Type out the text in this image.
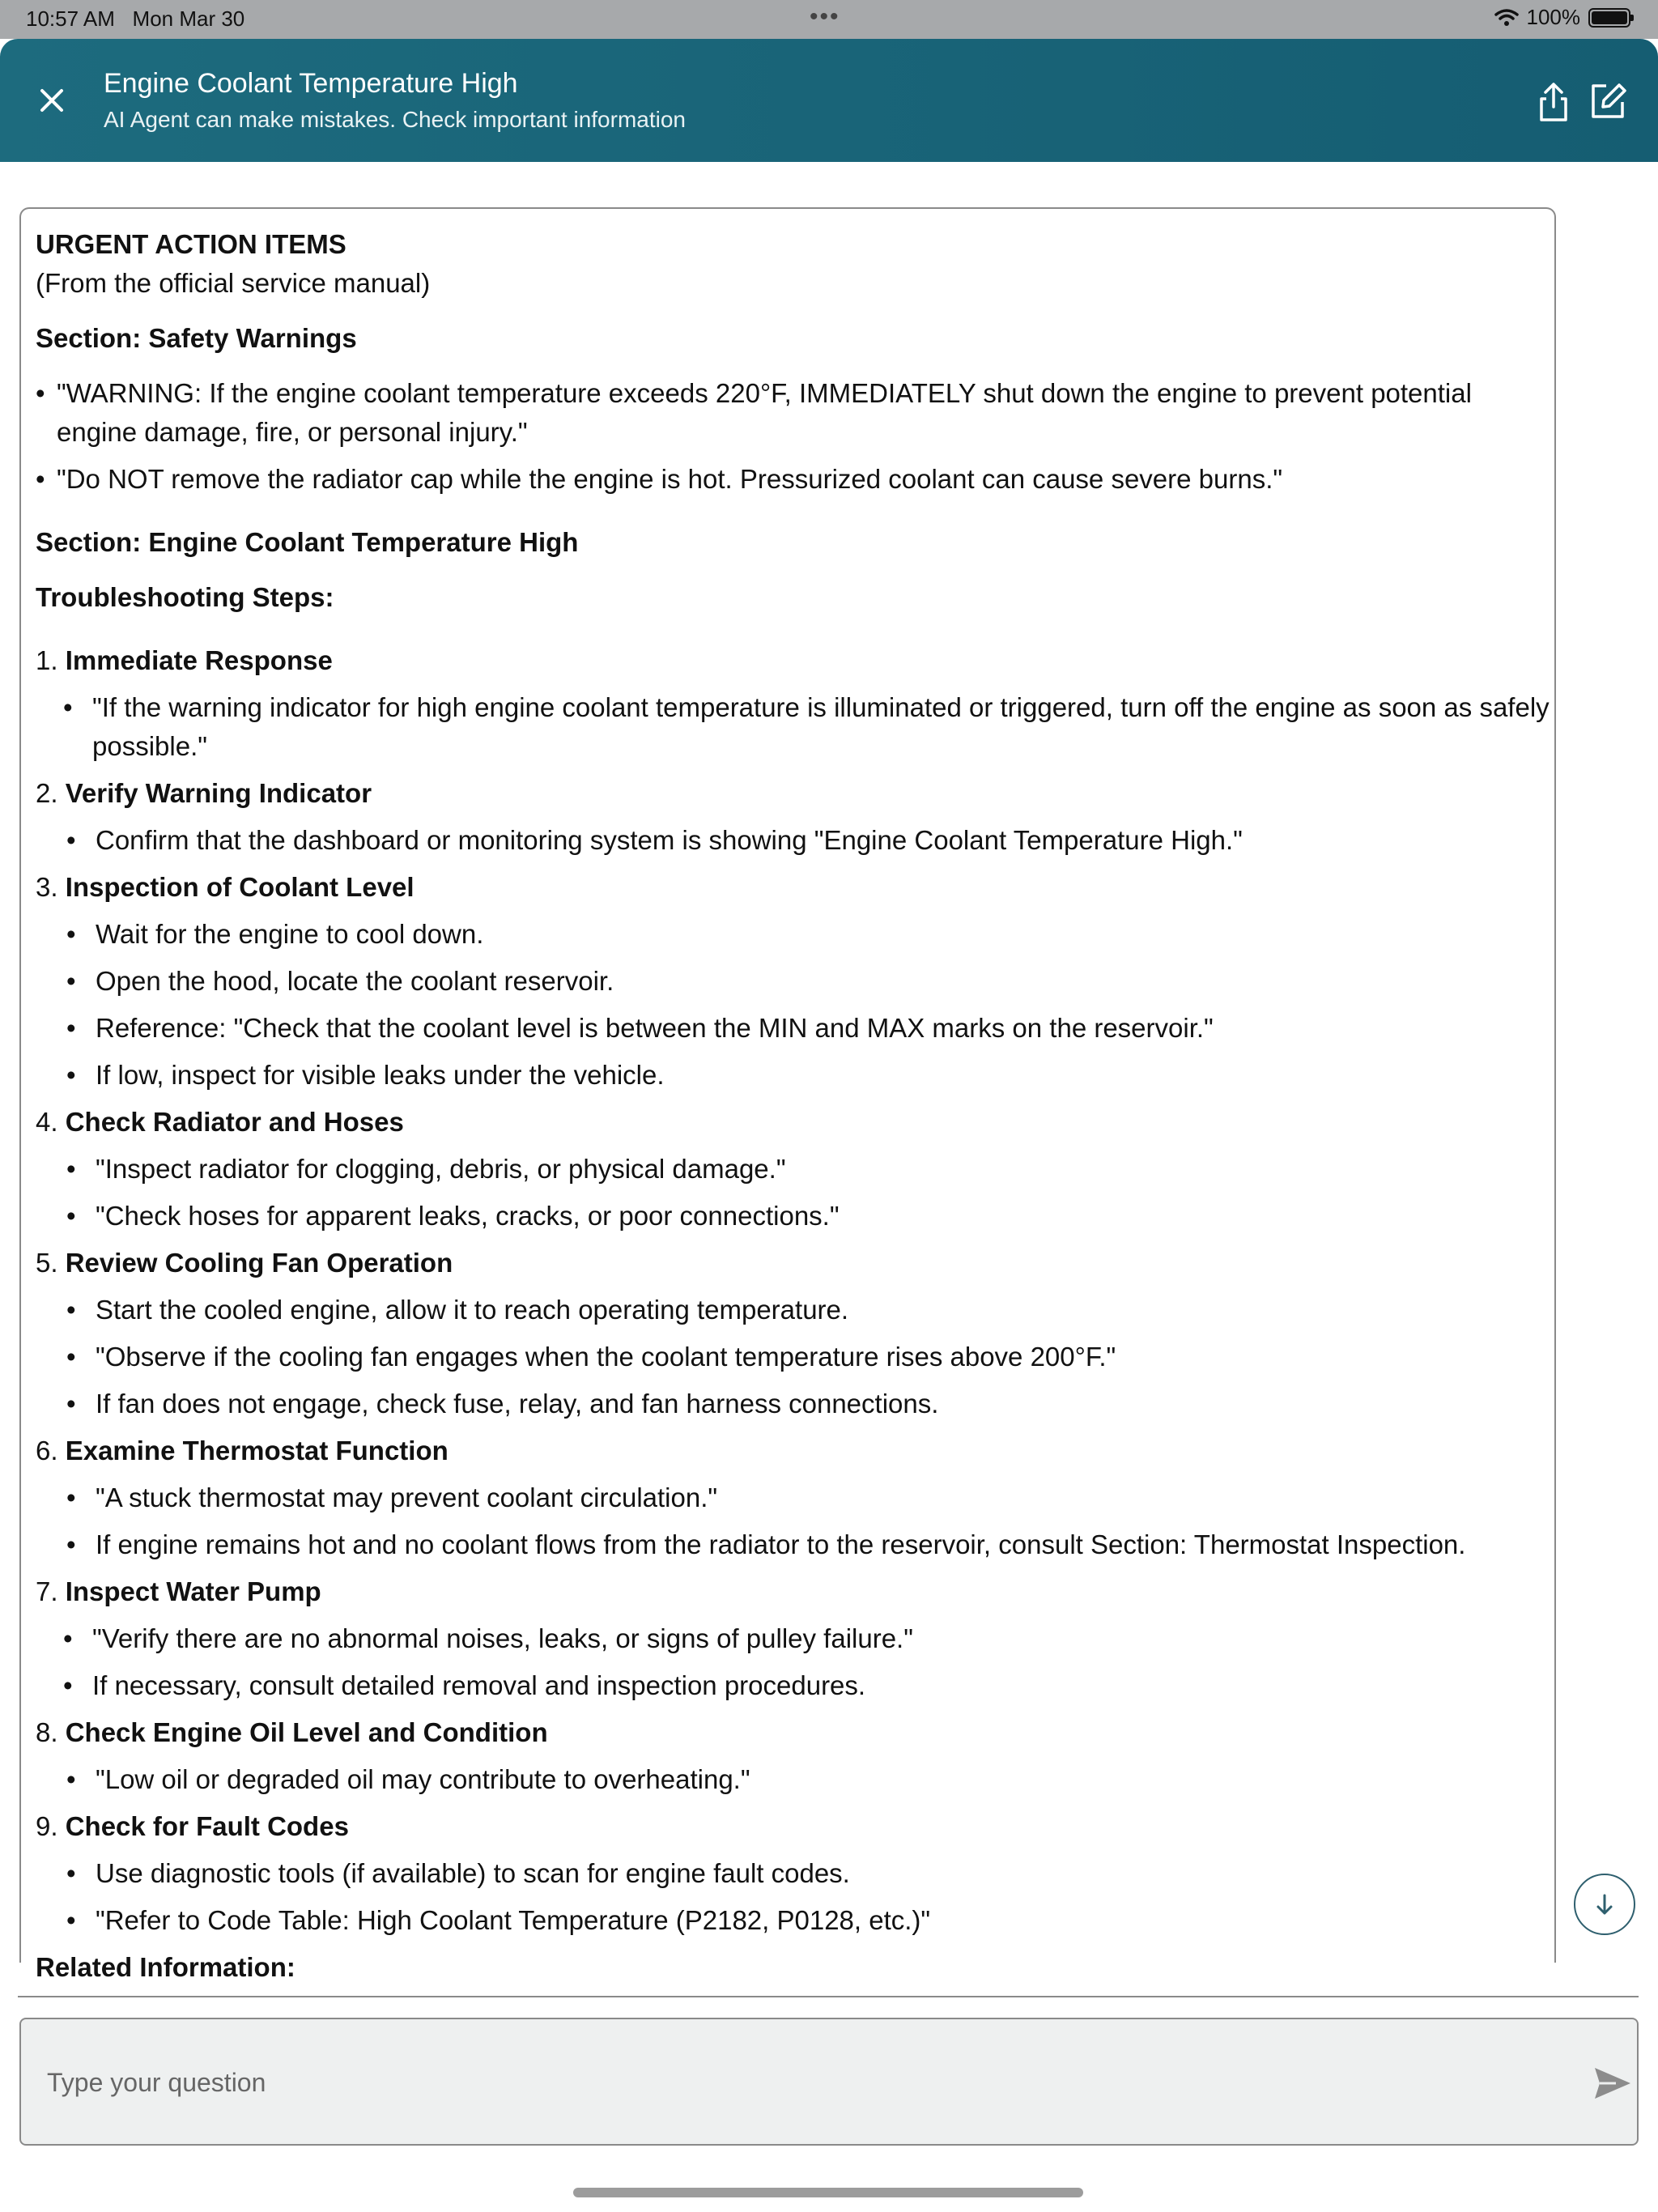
10:57 AM Mon Mar 30	•••	100%
Engine Coolant Temperature High
AI Agent can make mistakes. Check important information

URGENT ACTION ITEMS

(From the official service manual)

Section: Safety Warnings

• "WARNING: If the engine coolant temperature exceeds 220°F, IMMEDIATELY shut down the engine to prevent potential engine damage, fire, or personal injury."
• "Do NOT remove the radiator cap while the engine is hot. Pressurized coolant can cause severe burns."

Section: Engine Coolant Temperature High

Troubleshooting Steps:

1. Immediate Response
• "If the warning indicator for high engine coolant temperature is illuminated or triggered, turn off the engine as soon as safely possible."
2. Verify Warning Indicator
• Confirm that the dashboard or monitoring system is showing "Engine Coolant Temperature High."
3. Inspection of Coolant Level
• Wait for the engine to cool down.
• Open the hood, locate the coolant reservoir.
• Reference: "Check that the coolant level is between the MIN and MAX marks on the reservoir."
• If low, inspect for visible leaks under the vehicle.
4. Check Radiator and Hoses
• "Inspect radiator for clogging, debris, or physical damage."
• "Check hoses for apparent leaks, cracks, or poor connections."
5. Review Cooling Fan Operation
• Start the cooled engine, allow it to reach operating temperature.
• "Observe if the cooling fan engages when the coolant temperature rises above 200°F."
• If fan does not engage, check fuse, relay, and fan harness connections.
6. Examine Thermostat Function
• "A stuck thermostat may prevent coolant circulation."
• If engine remains hot and no coolant flows from the radiator to the reservoir, consult Section: Thermostat Inspection.
7. Inspect Water Pump
• "Verify there are no abnormal noises, leaks, or signs of pulley failure."
• If necessary, consult detailed removal and inspection procedures.
8. Check Engine Oil Level and Condition
• "Low oil or degraded oil may contribute to overheating."
9. Check for Fault Codes
• Use diagnostic tools (if available) to scan for engine fault codes.
• "Refer to Code Table: High Coolant Temperature (P2182, P0128, etc.)"

Related Information:

Type your question
